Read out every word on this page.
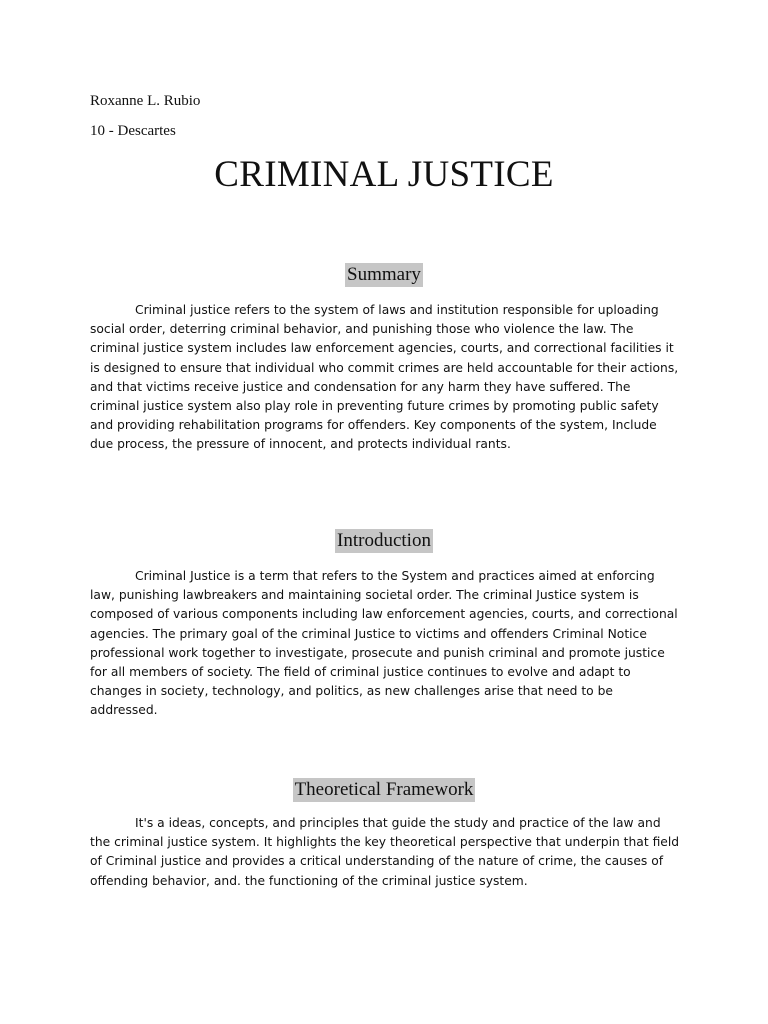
Roxanne L. Rubio
10 - Descartes
CRIMINAL JUSTICE
Summary

Criminal justice refers to the system of laws and institution responsible for uploading social order, deterring criminal behavior, and punishing those who violence the law. The criminal justice system includes law enforcement agencies, courts, and correctional facilities it is designed to ensure that individual who commit crimes are held accountable for their actions, and that victims receive justice and condensation for any harm they have suffered. The criminal justice system also play role in preventing future crimes by promoting public safety and providing rehabilitation programs for offenders. Key components of the system, Include due process, the pressure of innocent, and protects individual rants.

Introduction

Criminal Justice is a term that refers to the System and practices aimed at enforcing law, punishing lawbreakers and maintaining societal order. The criminal Justice system is composed of various components including law enforcement agencies, courts, and correctional agencies. The primary goal of the criminal Justice to victims and offenders Criminal Notice professional work together to investigate, prosecute and punish criminal and promote justice for all members of society. The field of criminal justice continues to evolve and adapt to changes in society, technology, and politics, as new challenges arise that need to be addressed.

Theoretical Framework

It's a ideas, concepts, and principles that guide the study and practice of the law and the criminal justice system. It highlights the key theoretical perspective that underpin that field of Criminal justice and provides a critical understanding of the nature of crime, the causes of offending behavior, and. the functioning of the criminal justice system.
